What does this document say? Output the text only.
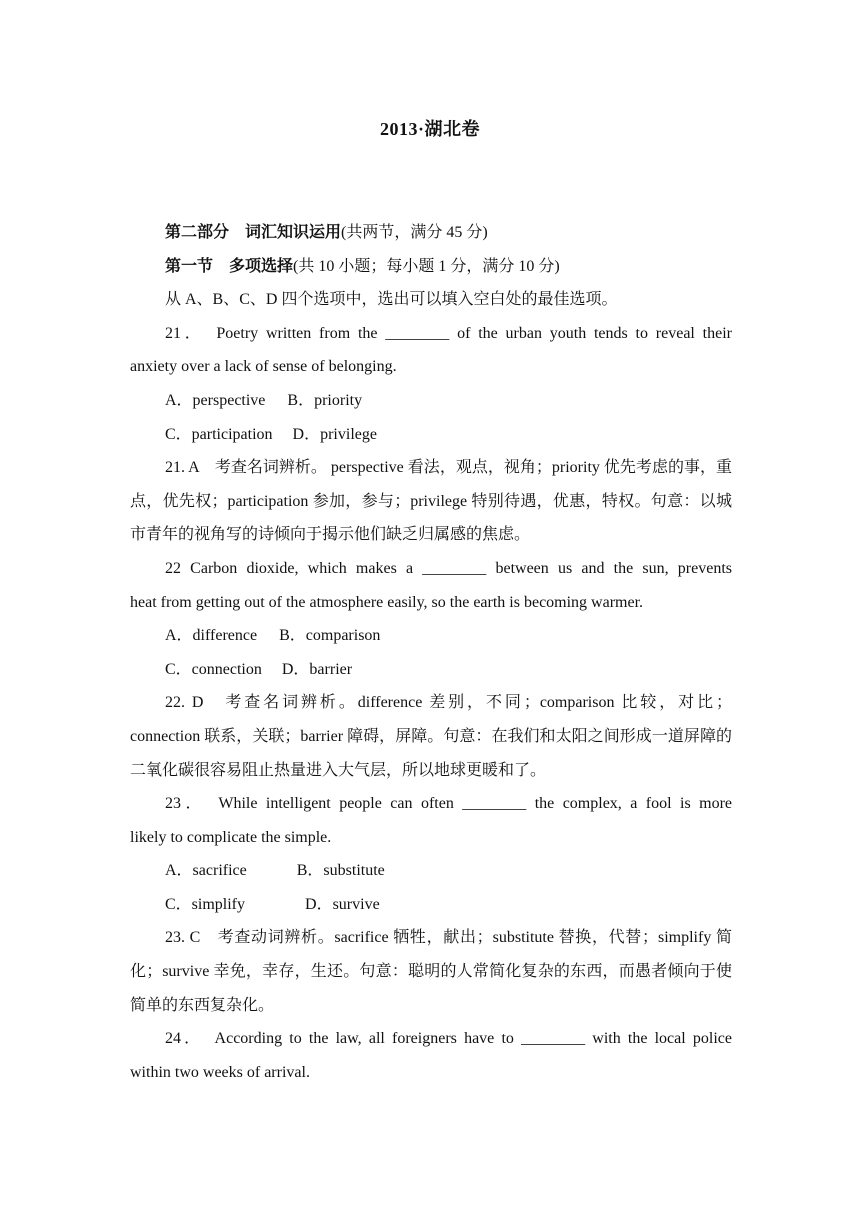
2013·湖北卷

第二部分　词汇知识运用(共两节，满分 45 分)

第一节　多项选择(共 10 小题；每小题 1 分，满分 10 分)

从 A、B、C、D 四个选项中，选出可以填入空白处的最佳选项。

21．　Poetry written from the ________ of the urban youth tends to reveal their

anxiety over a lack of sense of belonging.

A．perspective B．priority
C．participation D．privilege

21. A　考查名词辨析。 perspective 看法，观点，视角；priority 优先考虑的事，重点，优先权；participation 参加，参与；privilege 特别待遇，优惠，特权。句意：以城市青年的视角写的诗倾向于揭示他们缺乏归属感的焦虑。

22 Carbon dioxide, which makes a ________ between us and the sun, prevents

heat from getting out of the atmosphere easily, so the earth is becoming warmer.

A．difference B．comparison
C．connection D．barrier

22. D　考查名词辨析。difference 差别，不同；comparison 比较，对比；connection 联系，关联；barrier 障碍，屏障。句意：在我们和太阳之间形成一道屏障的二氧化碳很容易阻止热量进入大气层，所以地球更暖和了。

23．　While intelligent people can often ________ the complex, a fool is more

likely to complicate the simple.

A．sacrifice	B．substitute
C．simplify	D．survive

23. C　考查动词辨析。sacrifice 牺牲，献出；substitute 替换，代替；simplify 简化；survive 幸免，幸存，生还。句意：聪明的人常简化复杂的东西，而愚者倾向于使简单的东西复杂化。

24．　According to the law, all foreigners have to ________ with the local police

within two weeks of arrival.
